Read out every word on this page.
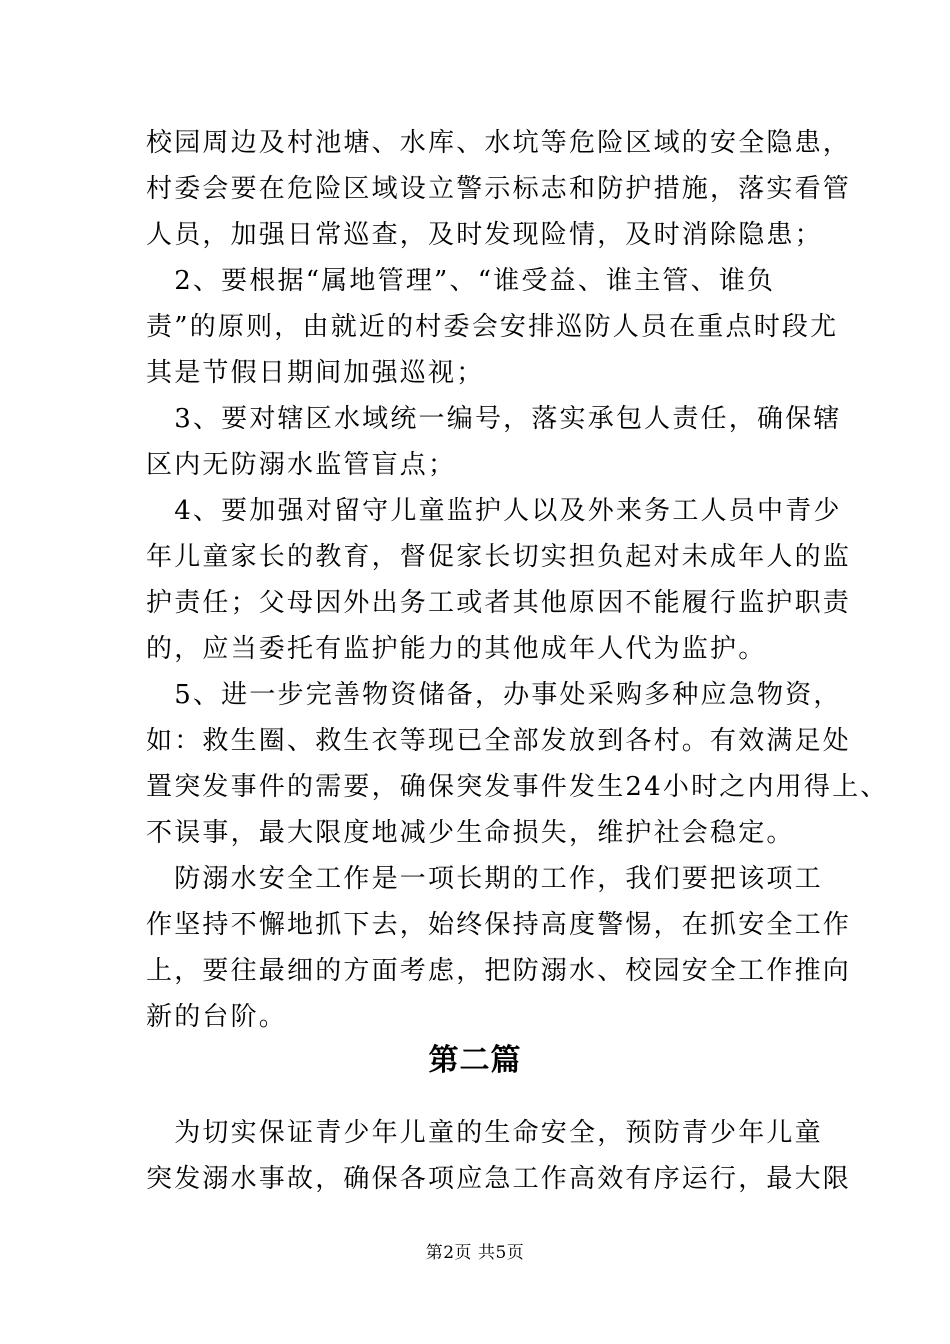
校园周边及村池塘、水库、水坑等危险区域的安全隐患，

村委会要在危险区域设立警示标志和防护措施，落实看管

人员，加强日常巡查，及时发现险情，及时消除隐患；

　2、要根据“属地管理”、“谁受益、谁主管、谁负

责”的原则，由就近的村委会安排巡防人员在重点时段尤

其是节假日期间加强巡视；

　3、要对辖区水域统一编号，落实承包人责任，确保辖

区内无防溺水监管盲点；

　4、要加强对留守儿童监护人以及外来务工人员中青少

年儿童家长的教育，督促家长切实担负起对未成年人的监

护责任；父母因外出务工或者其他原因不能履行监护职责

的，应当委托有监护能力的其他成年人代为监护。

　5、进一步完善物资储备，办事处采购多种应急物资，

如：救生圈、救生衣等现已全部发放到各村。有效满足处

置突发事件的需要，确保突发事件发生24小时之内用得上、

不误事，最大限度地减少生命损失，维护社会稳定。

　防溺水安全工作是一项长期的工作，我们要把该项工

作坚持不懈地抓下去，始终保持高度警惕，在抓安全工作

上，要往最细的方面考虑，把防溺水、校园安全工作推向

新的台阶。

第二篇

　为切实保证青少年儿童的生命安全，预防青少年儿童

突发溺水事故，确保各项应急工作高效有序运行，最大限

第2页 共5页
